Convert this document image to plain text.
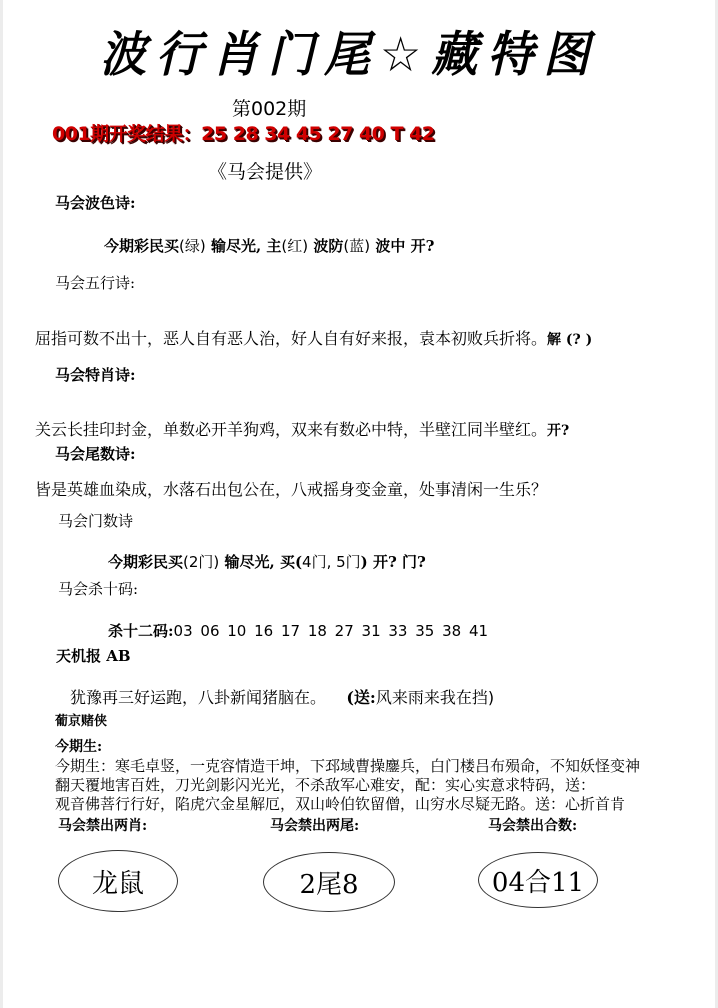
波行肖门尾☆藏特图
第002期
001期开奖结果：25 28 34 45 27 40 T 42
《马会提供》
马会波色诗:
今期彩民买(绿) 输尽光, 主(红) 波防(蓝) 波中 开?
马会五行诗:
屈指可数不出十，恶人自有恶人治，好人自有好来报，袁本初败兵折将。解 (? )
马会特肖诗:
关云长挂印封金，单数必开羊狗鸡，双来有数必中特，半壁江同半壁红。开?
马会尾数诗:
皆是英雄血染成，水落石出包公在，八戒摇身变金童，处事清闲一生乐？
马会门数诗
今期彩民买(2门) 输尽光, 买(4门, 5门) 开? 门?
马会杀十码:
杀十二码:03 06 10 16 17 18 27 31 33 35 38 41
天机报 AB
犹豫再三好运跑，八卦新闻猪脑在。 (送:风来雨来我在挡)
葡京赌侠
今期生:
今期生：寒毛卓竖，一克容情造干坤，下邳域曹操鏖兵，白门楼吕布殒命，不知妖怪变神
翻天覆地害百姓，刀光剑影闪光光，不杀敌军心难安，配：实心实意求特码，送：
观音佛菩行行好，陷虎穴金星解厄，双山岭伯钦留僧，山穷水尽疑无路。送：心折首肯
马会禁出两肖:	马会禁出两尾:	马会禁出合数:
龙鼠	2尾8	04合11
